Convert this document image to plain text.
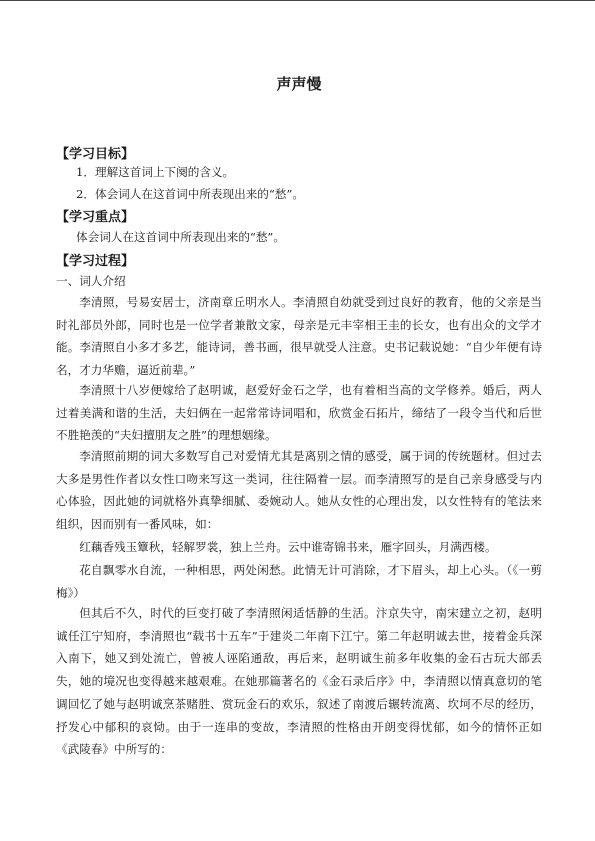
声声慢
【学习目标】
1．理解这首词上下阕的含义。
2．体会词人在这首词中所表现出来的“愁”。
【学习重点】
体会词人在这首词中所表现出来的“愁”。
【学习过程】
一、词人介绍
李清照，号易安居士，济南章丘明水人。李清照自幼就受到过良好的教育，他的父亲是当时礼部员外郎，同时也是一位学者兼散文家，母亲是元丰宰相王圭的长女，也有出众的文学才能。李清照自小多才多艺，能诗词，善书画，很早就受人注意。史书记载说她：“自少年便有诗名，才力华赡，逼近前辈。”
李清照十八岁便嫁给了赵明诚，赵爱好金石之学，也有着相当高的文学修养。婚后，两人过着美满和谐的生活，夫妇俩在一起常常诗词唱和，欣赏金石拓片，缔结了一段令当代和后世不胜艳羡的“夫妇擅朋友之胜”的理想姻缘。
李清照前期的词大多数写自己对爱情尤其是离别之情的感受，属于词的传统题材。但过去大多是男性作者以女性口吻来写这一类词，往往隔着一层。而李清照写的是自己亲身感受与内心体验，因此她的词就格外真挚细腻、委婉动人。她从女性的心理出发，以女性特有的笔法来组织，因而别有一番风味，如：
红藕香残玉簟秋，轻解罗裳，独上兰舟。云中谁寄锦书来，雁字回头，月满西楼。
花自飘零水自流，一种相思，两处闲愁。此情无计可消除，才下眉头，却上心头。（《一剪梅》）
但其后不久，时代的巨变打破了李清照闲适恬静的生活。汴京失守，南宋建立之初，赵明诚任江宁知府，李清照也“载书十五车”于建炎二年南下江宁。第二年赵明诚去世，接着金兵深入南下，她又到处流亡，曾被人诬陷通敌，再后来，赵明诚生前多年收集的金石古玩大部丢失，她的境况也变得越来越艰难。在她那篇著名的《金石录后序》中，李清照以情真意切的笔调回忆了她与赵明诚烹茶赌胜、赏玩金石的欢乐，叙述了南渡后辗转流离、坎坷不尽的经历，抒发心中郁积的哀恸。由于一连串的变故，李清照的性格由开朗变得忧郁，如今的情怀正如《武陵春》中所写的：
